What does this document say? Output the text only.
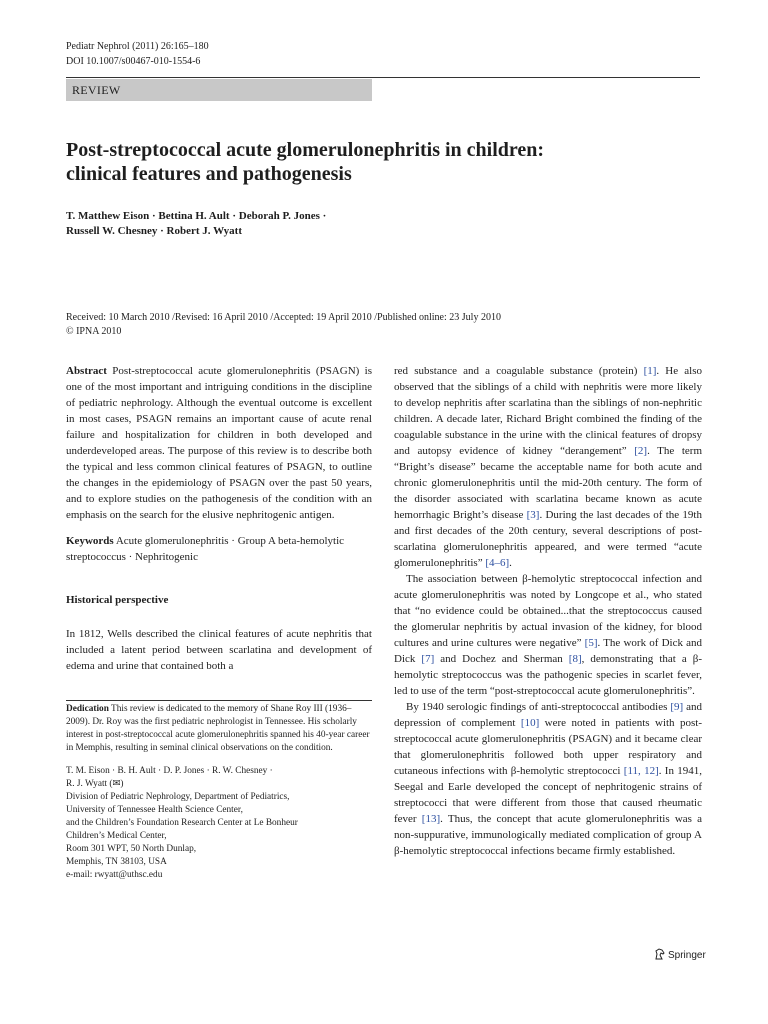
Pediatr Nephrol (2011) 26:165–180
DOI 10.1007/s00467-010-1554-6
REVIEW
Post-streptococcal acute glomerulonephritis in children:
clinical features and pathogenesis
T. Matthew Eison · Bettina H. Ault · Deborah P. Jones ·
Russell W. Chesney · Robert J. Wyatt
Received: 10 March 2010 /Revised: 16 April 2010 /Accepted: 19 April 2010 /Published online: 23 July 2010
© IPNA 2010

Abstract Post-streptococcal acute glomerulonephritis (PSAGN) is one of the most important and intriguing conditions in the discipline of pediatric nephrology. Although the eventual outcome is excellent in most cases, PSAGN remains an important cause of acute renal failure and hospitalization for children in both developed and underdeveloped areas. The purpose of this review is to describe both the typical and less common clinical features of PSAGN, to outline the changes in the epidemiology of PSAGN over the past 50 years, and to explore studies on the pathogenesis of the condition with an emphasis on the search for the elusive nephritogenic antigen.

Keywords Acute glomerulonephritis · Group A beta-hemolytic streptococcus · Nephritogenic

Historical perspective

In 1812, Wells described the clinical features of acute nephritis that included a latent period between scarlatina and development of edema and urine that contained both a

Dedication This review is dedicated to the memory of Shane Roy III (1936–2009). Dr. Roy was the first pediatric nephrologist in Tennessee. His scholarly interest in post-streptococcal acute glomerulonephritis spanned his 40-year career in Memphis, resulting in seminal clinical observations on the condition.

T. M. Eison · B. H. Ault · D. P. Jones · R. W. Chesney ·

R. J. Wyatt (✉)

Division of Pediatric Nephrology, Department of Pediatrics,

University of Tennessee Health Science Center,

and the Children’s Foundation Research Center at Le Bonheur

Children’s Medical Center,

Room 301 WPT, 50 North Dunlap,

Memphis, TN 38103, USA

e-mail: rwyatt@uthsc.edu

red substance and a coagulable substance (protein) [1]. He also observed that the siblings of a child with nephritis were more likely to develop nephritis after scarlatina than the siblings of non-nephritic children. A decade later, Richard Bright combined the finding of the coagulable substance in the urine with the clinical features of dropsy and autopsy evidence of kidney “derangement” [2]. The term “Bright’s disease” became the acceptable name for both acute and chronic glomerulonephritis until the mid-20th century. The form of the disorder associated with scarlatina became known as acute hemorrhagic Bright’s disease [3]. During the last decades of the 19th and first decades of the 20th century, several descriptions of post-scarlatina glomerulonephritis appeared, and were termed “acute glomerulonephritis” [4–6].

The association between β-hemolytic streptococcal infection and acute glomerulonephritis was noted by Longcope et al., who stated that “no evidence could be obtained...that the streptococcus caused the glomerular nephritis by actual invasion of the kidney, for blood cultures and urine cultures were negative” [5]. The work of Dick and Dick [7] and Dochez and Sherman [8], demonstrating that a β-hemolytic streptococcus was the pathogenic species in scarlet fever, led to use of the term “post-streptococcal acute glomerulonephritis”.

By 1940 serologic findings of anti-streptococcal antibodies [9] and depression of complement [10] were noted in patients with post-streptococcal acute glomerulonephritis (PSAGN) and it became clear that glomerulonephritis followed both upper respiratory and cutaneous infections with β-hemolytic streptococci [11, 12]. In 1941, Seegal and Earle developed the concept of nephritogenic strains of streptococci that were different from those that caused rheumatic fever [13]. Thus, the concept that acute glomerulonephritis was a non-suppurative, immunologically mediated complication of group A β-hemolytic streptococcal infections became firmly established.

Springer
